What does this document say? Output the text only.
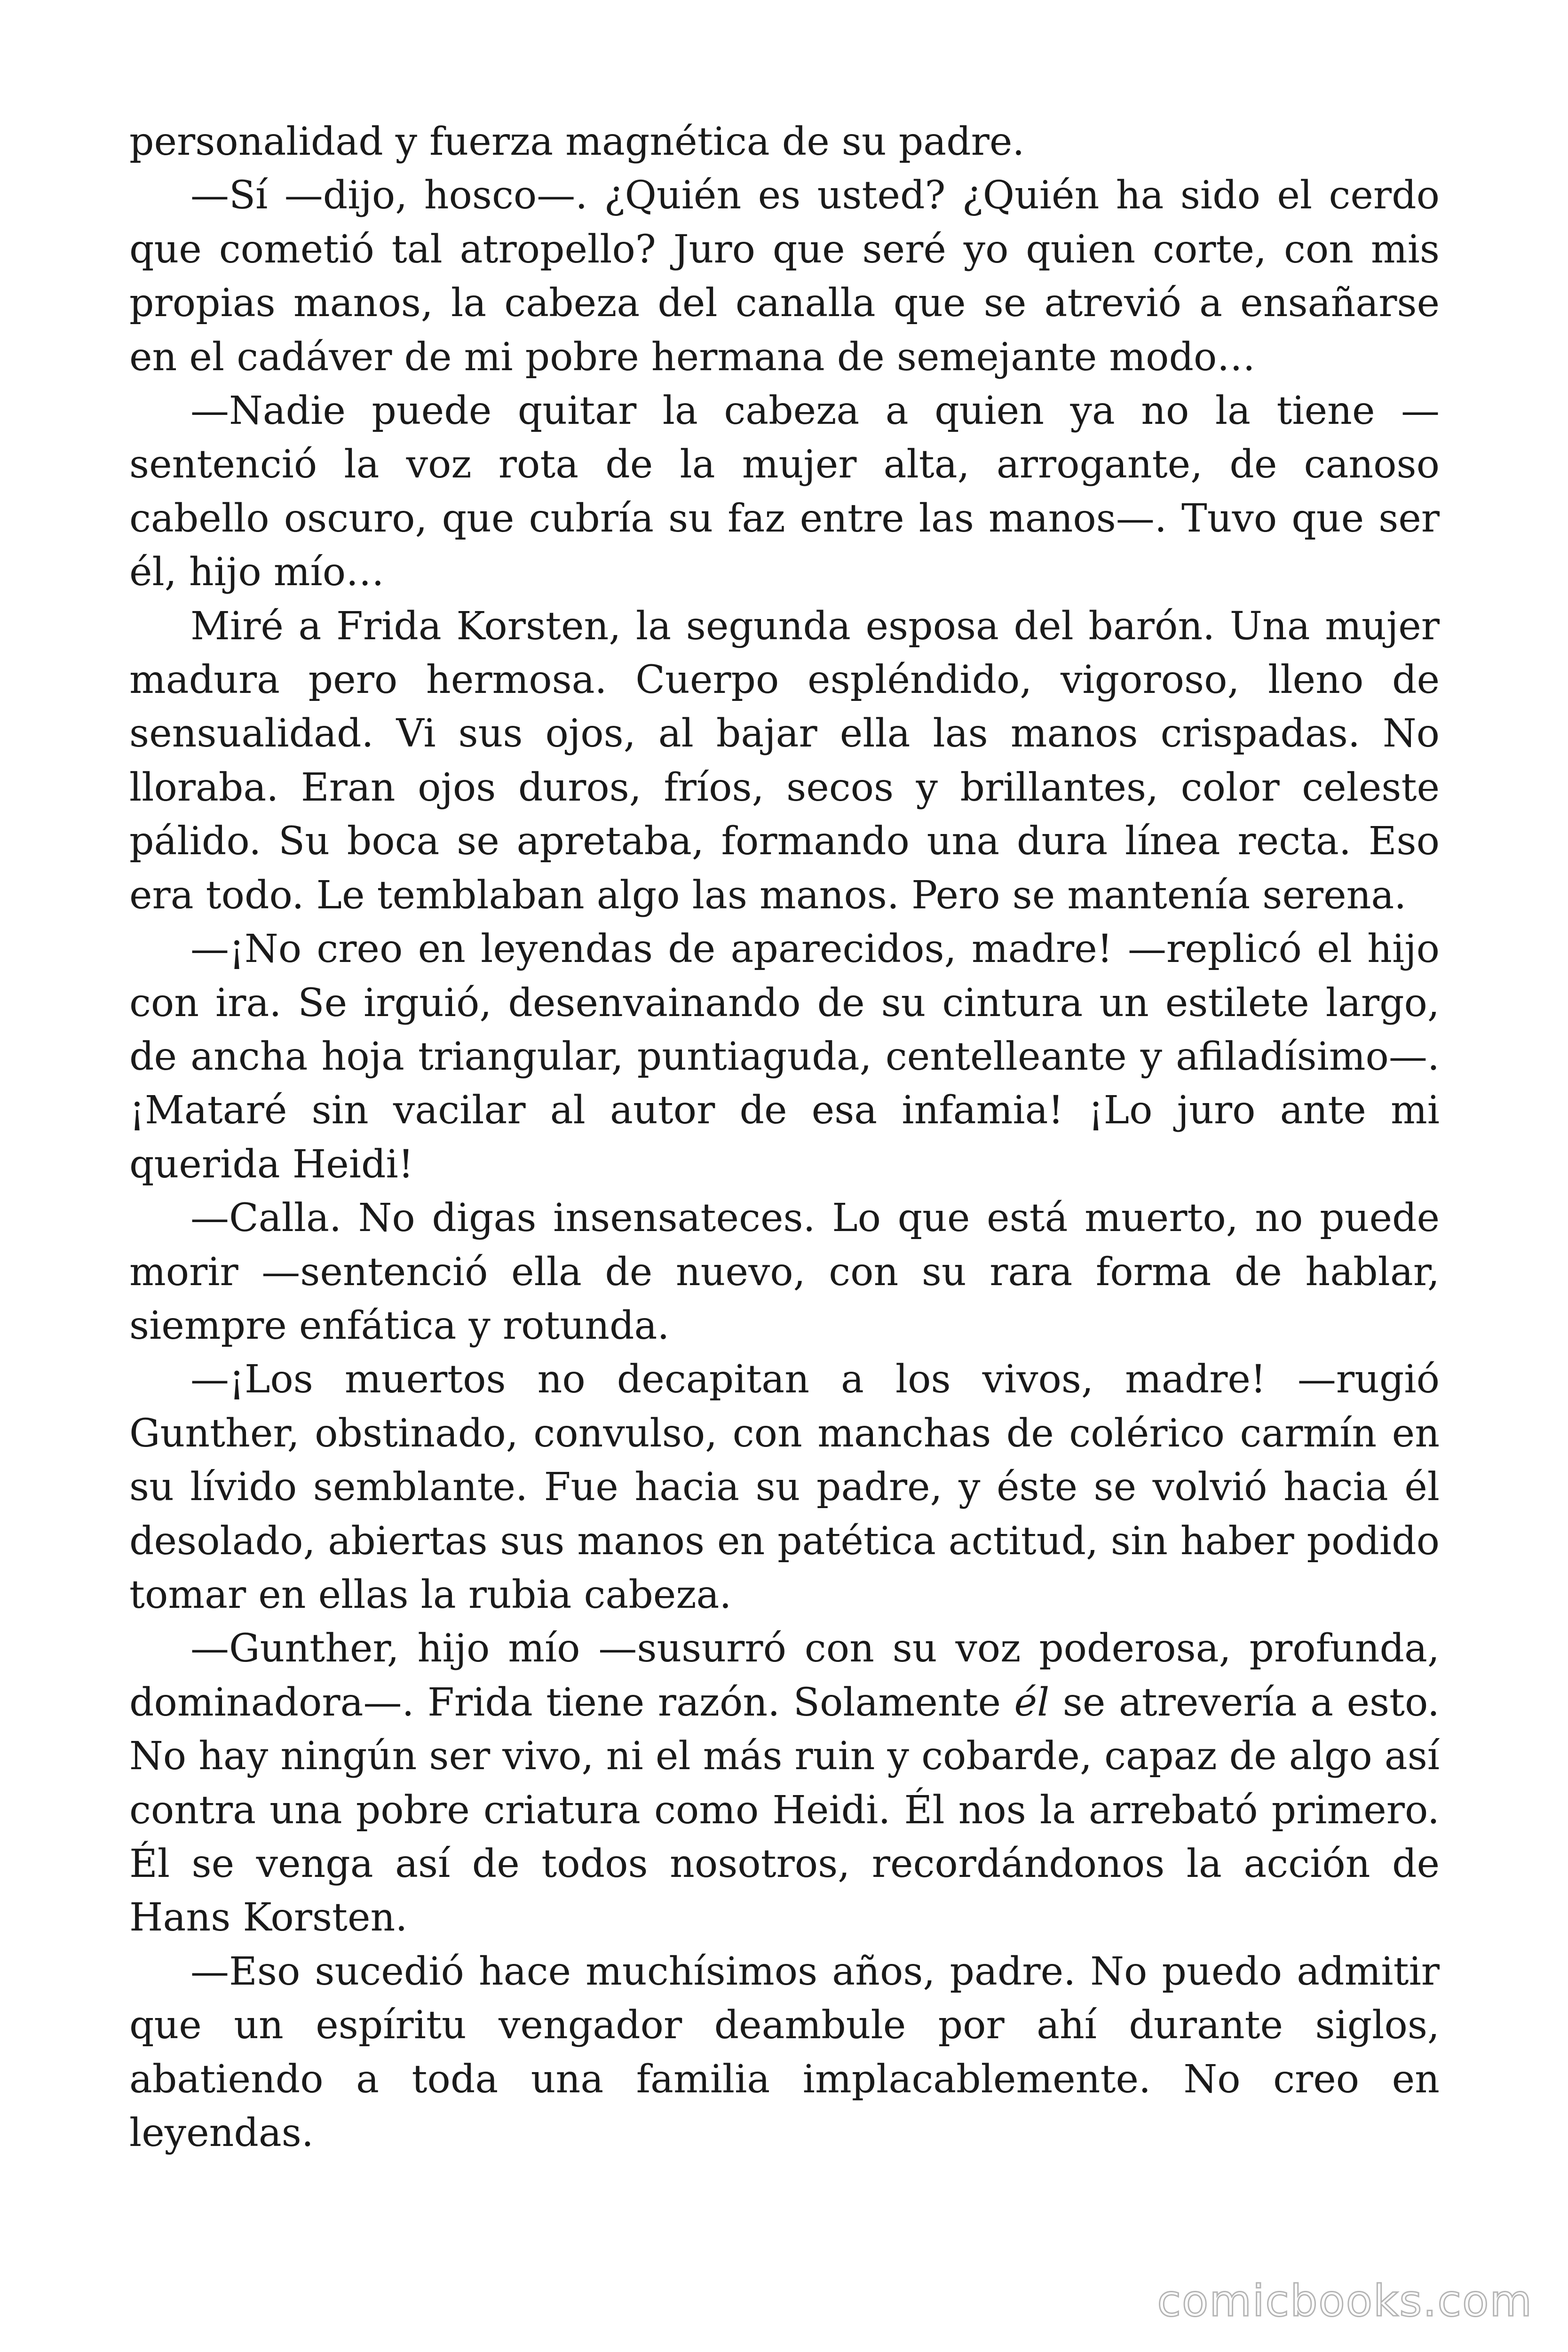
personalidad y fuerza magnética de su padre.

—Sí —dijo, hosco—. ¿Quién es usted? ¿Quién ha sido el cerdo que cometió tal atropello? Juro que seré yo quien corte, con mis propias manos, la cabeza del canalla que se atrevió a ensañarse en el cadáver de mi pobre hermana de semejante modo…

—Nadie puede quitar la cabeza a quien ya no la tiene —sentenció la voz rota de la mujer alta, arrogante, de canoso cabello oscuro, que cubría su faz entre las manos—. Tuvo que ser él, hijo mío…

Miré a Frida Korsten, la segunda esposa del barón. Una mujer madura pero hermosa. Cuerpo espléndido, vigoroso, lleno de sensualidad. Vi sus ojos, al bajar ella las manos crispadas. No lloraba. Eran ojos duros, fríos, secos y brillantes, color celeste pálido. Su boca se apretaba, formando una dura línea recta. Eso era todo. Le temblaban algo las manos. Pero se mantenía serena.

—¡No creo en leyendas de aparecidos, madre! —replicó el hijo con ira. Se irguió, desenvainando de su cintura un estilete largo, de ancha hoja triangular, puntiaguda, centelleante y afiladísimo—. ¡Mataré sin vacilar al autor de esa infamia! ¡Lo juro ante mi querida Heidi!

—Calla. No digas insensateces. Lo que está muerto, no puede morir —sentenció ella de nuevo, con su rara forma de hablar, siempre enfática y rotunda.

—¡Los muertos no decapitan a los vivos, madre! —rugió Gunther, obstinado, convulso, con manchas de colérico carmín en su lívido semblante. Fue hacia su padre, y éste se volvió hacia él desolado, abiertas sus manos en patética actitud, sin haber podido tomar en ellas la rubia cabeza.

—Gunther, hijo mío —susurró con su voz poderosa, profunda, dominadora—. Frida tiene razón. Solamente él se atrevería a esto. No hay ningún ser vivo, ni el más ruin y cobarde, capaz de algo así contra una pobre criatura como Heidi. Él nos la arrebató primero. Él se venga así de todos nosotros, recordándonos la acción de Hans Korsten.

—Eso sucedió hace muchísimos años, padre. No puedo admitir que un espíritu vengador deambule por ahí durante siglos, abatiendo a toda una familia implacablemente. No creo en leyendas.

comicbooks.com
